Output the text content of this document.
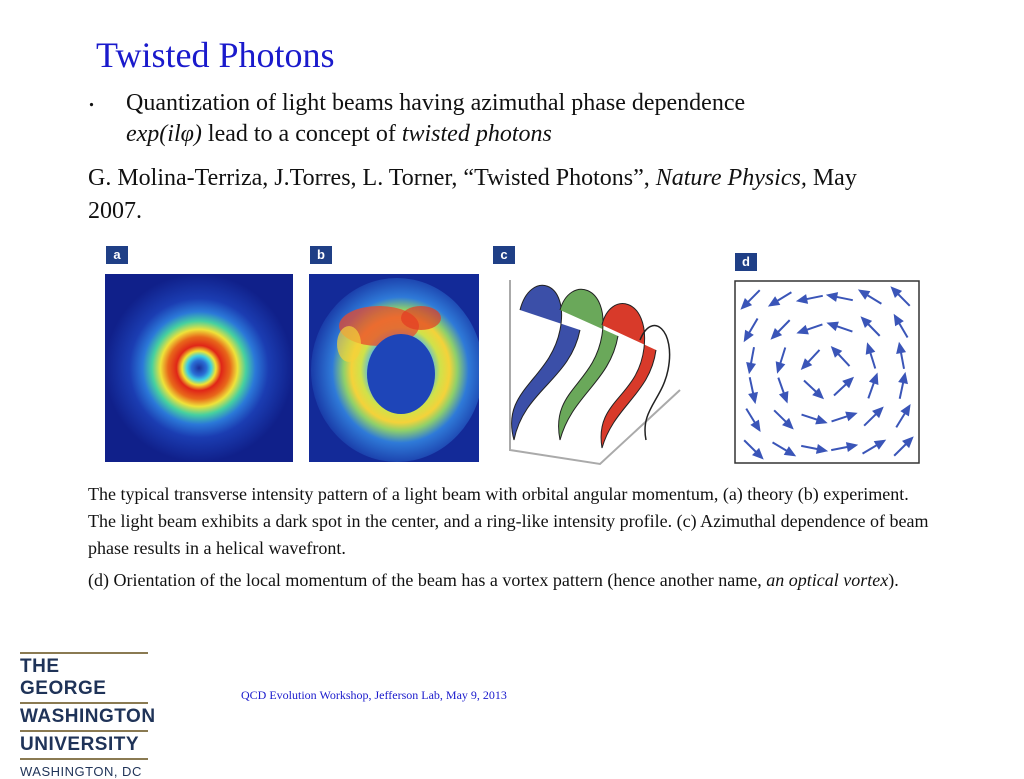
Twisted Photons
. Quantization of light beams having azimuthal phase dependence
exp(ilφ) lead to a concept of twisted photons
G. Molina-Terriza, J.Torres, L. Torner, “Twisted Photons”, Nature Physics, May 2007.
a	b	c	d
The typical transverse intensity pattern of a light beam with orbital angular momentum, (a) theory (b) experiment. The light beam exhibits a dark spot in the center, and a ring-like intensity profile. (c) Azimuthal dependence of beam phase results in a helical wavefront.
(d) Orientation of the local momentum of the beam has a vortex pattern (hence another name, an optical vortex).
THE GEORGE
WASHINGTON
UNIVERSITY
WASHINGTON, DC
QCD Evolution Workshop, Jefferson Lab, May 9, 2013
